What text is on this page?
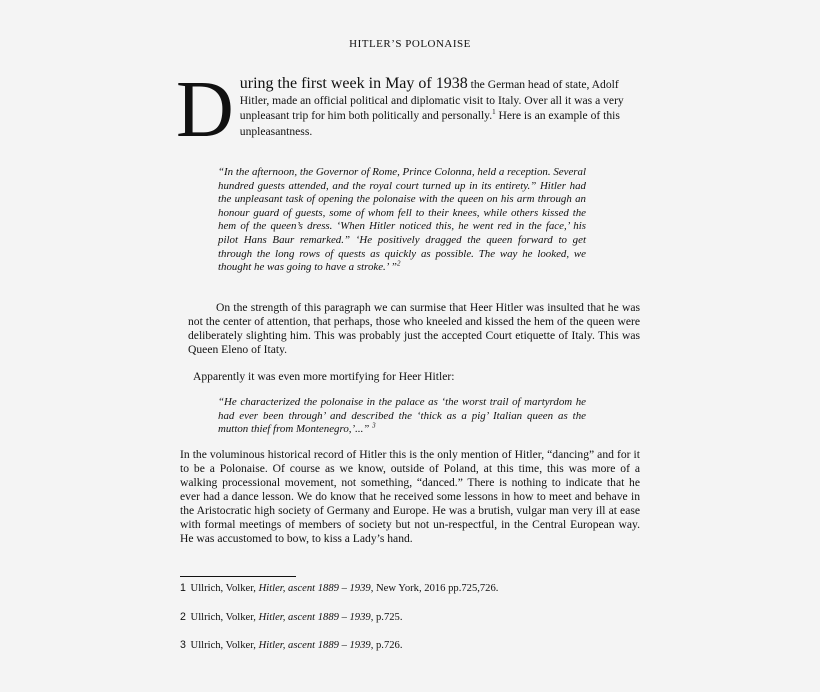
HITLER’S POLONAISE
During the first week in May of 1938 the German head of state, Adolf Hitler, made an official political and diplomatic visit to Italy. Over all it was a very unpleasant trip for him both politically and personally.$^1$ Here is an example of this unpleasantness.
“In the afternoon, the Governor of Rome, Prince Colonna, held a reception. Several hundred guests attended, and the royal court turned up in its entirety.” Hitler had the unpleasant task of opening the polonaise with the queen on his arm through an honour guard of guests, some of whom fell to their knees, while others kissed the hem of the queen’s dress. ‘When Hitler noticed this, he went red in the face,’ his pilot Hans Baur remarked.” ‘He positively dragged the queen forward to get through the long rows of quests as quickly as possible. The way he looked, we thought he was going to have a stroke.’ ”$^2$
On the strength of this paragraph we can surmise that Heer Hitler was insulted that he was not the center of attention, that perhaps, those who kneeled and kissed the hem of the queen were deliberately slighting him. This was probably just the accepted Court etiquette of Italy. This was Queen Eleno of Itaty.
Apparently it was even more mortifying for Heer Hitler:
“He characterized the polonaise in the palace as ‘the worst trail of martyrdom he had ever been through’ and described the ‘thick as a pig’ Italian queen as the mutton thief from Montenegro,’...” $^3$
In the voluminous historical record of Hitler this is the only mention of Hitler, “dancing” and for it to be a Polonaise. Of course as we know, outside of Poland, at this time, this was more of a walking processional movement, not something, “danced.” There is nothing to indicate that he ever had a dance lesson. We do know that he received some lessons in how to meet and behave in the Aristocratic high society of Germany and Europe. He was a brutish, vulgar man very ill at ease with formal meetings of members of society but not un-respectful, in the Central European way. He was accustomed to bow, to kiss a Lady’s hand.
1 Ullrich, Volker, Hitler, ascent 1889 – 1939, New York, 2016 pp.725,726.
2 Ullrich, Volker, Hitler, ascent 1889 – 1939, p.725.
3 Ullrich, Volker, Hitler, ascent 1889 – 1939, p.726.
